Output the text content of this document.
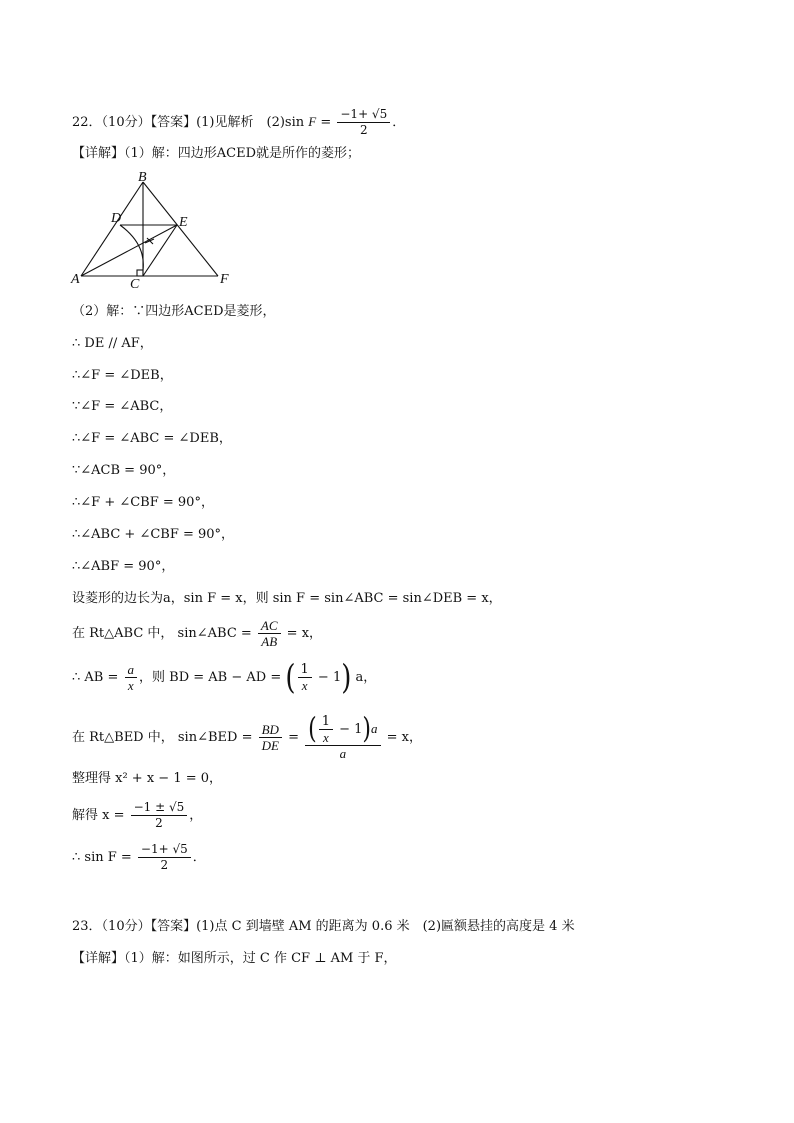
22．（10分）【答案】(1)见解析　(2)sin $F = \frac{-1+ √5}{2}$ ．
【详解】（1）解：四边形ACED就是所作的菱形；
B
D	E
A	C	F
（2）解：∵四边形ACED是菱形，
∴ DE // AF，
∴∠F = ∠DEB，
∵∠F = ∠ABC，
∴∠F = ∠ABC = ∠DEB，
∵∠ACB = 90°，
∴∠F + ∠CBF = 90°，
∴∠ABC + ∠CBF = 90°，
∴∠ABF = 90°，
设菱形的边长为a，sin F = x，则 sin F = sin∠ABC = sin∠DEB = x，
在 Rt△ABC 中， sin∠ABC = $\frac{AC}{AB} = x$，
∴ AB = $\frac{a}{x}$ ，则 BD = AB − AD = ( $\frac{1}{x} - 1$) a，
在 Rt△BED 中， sin∠BED = $\frac{BD}{DE} = \frac{( \frac{1}{x} - 1)a}{a} = x$，
整理得 x² + x − 1 = 0，
解得 $x = \frac{-1 \pm √5}{2}$ ，
∴ $\sin F = \frac{-1+ √5}{2}$ ．
23．（10分）【答案】(1)点 C 到墙壁 AM 的距离为 0.6 米　(2)匾额悬挂的高度是 4 米
【详解】（1）解：如图所示，过 C 作 CF ⊥ AM 于 F，
